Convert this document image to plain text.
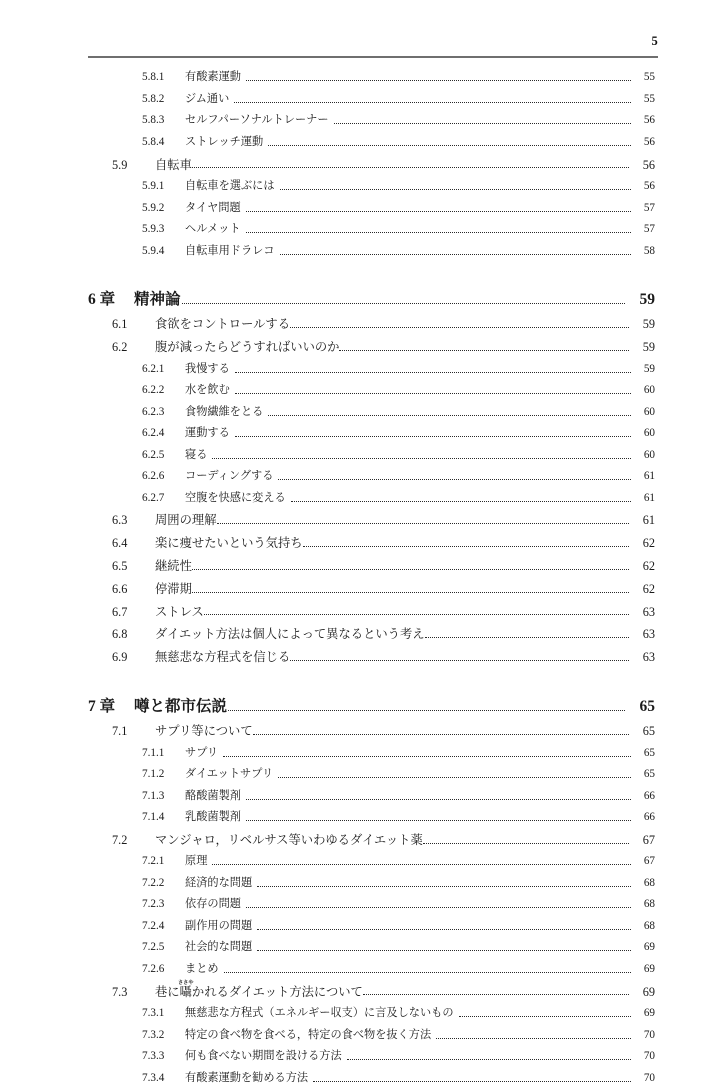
5
5.8.1	有酸素運動	55
5.8.2	ジム通い	55
5.8.3	セルフパーソナルトレーナー	56
5.8.4	ストレッチ運動	56
5.9	自転車	56
5.9.1	自転車を選ぶには	56
5.9.2	タイヤ問題	57
5.9.3	ヘルメット	57
5.9.4	自転車用ドラレコ	58
6 章	精神論	59
6.1	食欲をコントロールする	59
6.2	腹が減ったらどうすればいいのか	59
6.2.1	我慢する	59
6.2.2	水を飲む	60
6.2.3	食物繊維をとる	60
6.2.4	運動する	60
6.2.5	寝る	60
6.2.6	コーディングする	61
6.2.7	空腹を快感に変える	61
6.3	周囲の理解	61
6.4	楽に痩せたいという気持ち	62
6.5	継続性	62
6.6	停滞期	62
6.7	ストレス	63
6.8	ダイエット方法は個人によって異なるという考え	63
6.9	無慈悲な方程式を信じる	63
7 章	噂と都市伝説	65
7.1	サプリ等について	65
7.1.1	サプリ	65
7.1.2	ダイエットサプリ	65
7.1.3	酪酸菌製剤	66
7.1.4	乳酸菌製剤	66
7.2	マンジャロ，リベルサス等いわゆるダイエット薬	67
7.2.1	原理	67
7.2.2	経済的な問題	68
7.2.3	依存の問題	68
7.2.4	副作用の問題	68
7.2.5	社会的な問題	69
7.2.6	まとめ	69
7.3	巷に囁ささやかれるダイエット方法について	69
7.3.1	無慈悲な方程式（エネルギー収支）に言及しないもの	69
7.3.2	特定の食べ物を食べる，特定の食べ物を抜く方法	70
7.3.3	何も食べない期間を設ける方法	70
7.3.4	有酸素運動を勧める方法	70
